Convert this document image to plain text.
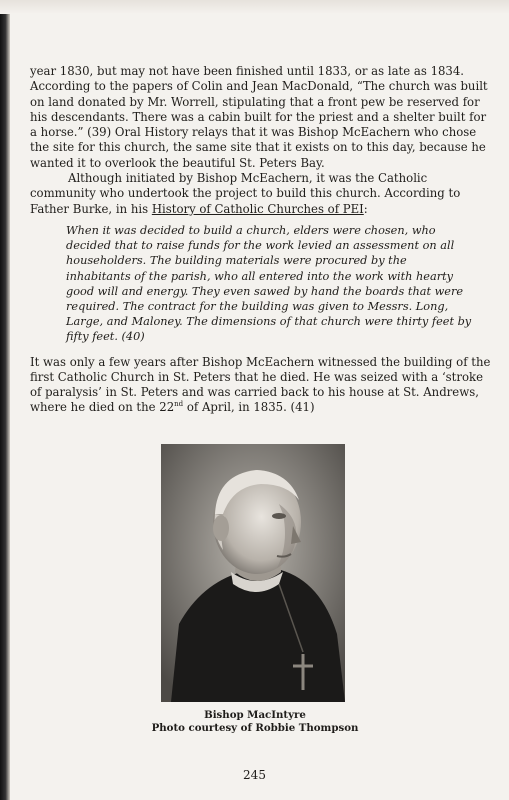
year 1830, but may not have been finished until 1833, or as late as 1834. According to the papers of Colin and Jean MacDonald, “The church was built on land donated by Mr. Worrell, stipulating that a front pew be reserved for his descendants. There was a cabin built for the priest and a shelter built for a horse.” (39) Oral History relays that it was Bishop McEachern who chose the site for this church, the same site that it exists on to this day, because he wanted it to overlook the beautiful St. Peters Bay.

Although initiated by Bishop McEachern, it was the Catholic community who undertook the project to build this church. According to Father Burke, in his History of Catholic Churches of PEI:

When it was decided to build a church, elders were chosen, who decided that to raise funds for the work levied an assessment on all householders. The building materials were procured by the inhabitants of the parish, who all entered into the work with hearty good will and energy. They even sawed by hand the boards that were required. The contract for the building was given to Messrs. Long, Large, and Maloney. The dimensions of that church were thirty feet by fifty feet. (40)

It was only a few years after Bishop McEachern witnessed the building of the first Catholic Church in St. Peters that he died. He was seized with a ‘stroke of paralysis’ in St. Peters and was carried back to his house at St. Andrews, where he died on the 22nd of April, in 1835. (41)

Bishop MacIntyre
Photo courtesy of Robbie Thompson
245
